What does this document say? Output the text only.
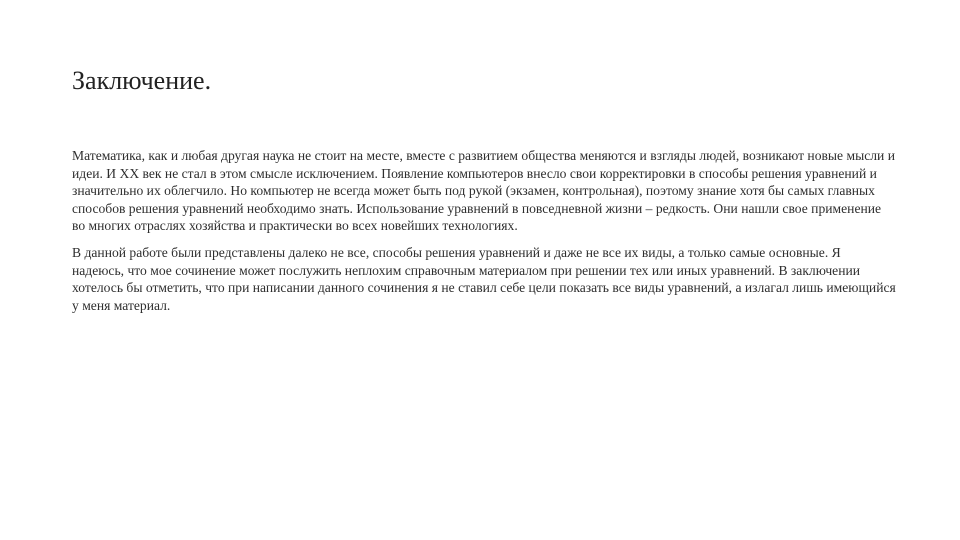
Заключение.

Математика, как и любая другая наука не стоит на месте, вместе с развитием общества меняются и взгляды людей, возникают новые мысли и идеи. И XX век не стал в этом смысле исключением. Появление компьютеров внесло свои корректировки в способы решения уравнений и значительно их облегчило. Но компьютер не всегда может быть под рукой (экзамен, контрольная), поэтому знание хотя бы самых главных способов решения уравнений необходимо знать. Использование уравнений в повседневной жизни – редкость. Они нашли свое применение во многих отраслях хозяйства и практически во всех новейших технологиях.

В данной работе были представлены далеко не все, способы решения уравнений и даже не все их виды, а только самые основные. Я надеюсь, что мое сочинение может послужить неплохим справочным материалом при решении тех или иных уравнений. В заключении хотелось бы отметить, что при написании данного сочинения я не ставил себе цели показать все виды уравнений, а излагал лишь имеющийся у меня материал.
